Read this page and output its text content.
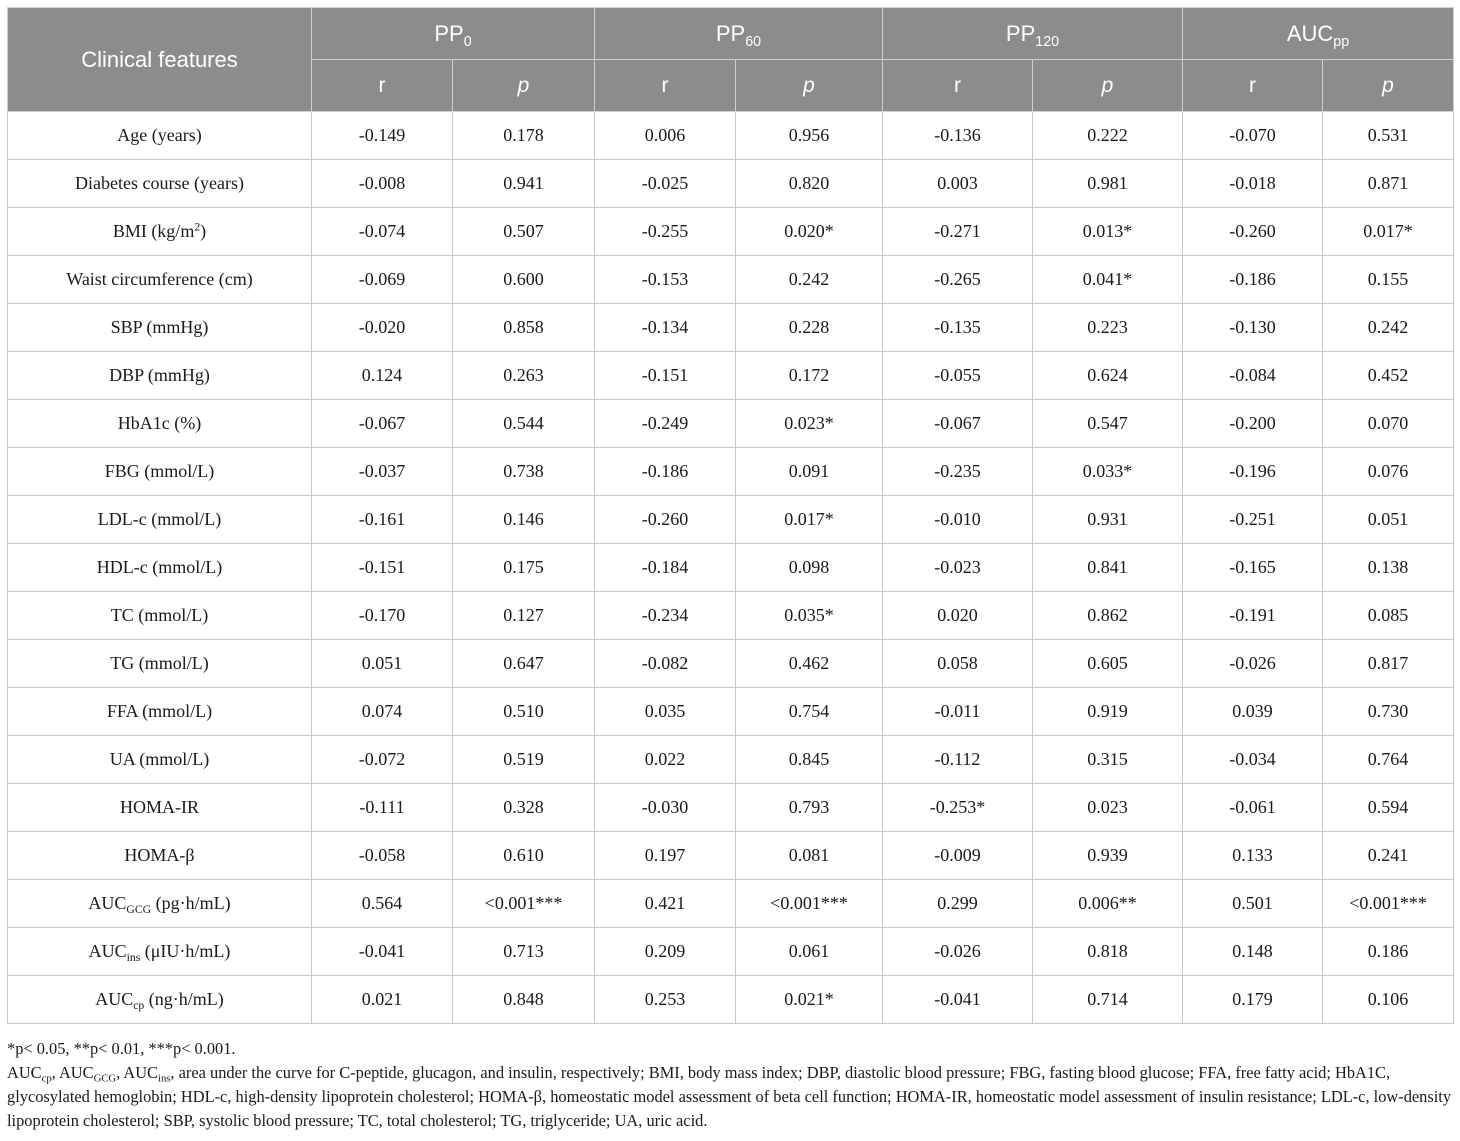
Clinical features	$PP_0$		$PP_{60}$		$PP_{120}$		$AUC_{pp}$
	r	p	r	p	r	p	r	p
Age (years)	-0.149	0.178	0.006	0.956	-0.136	0.222	-0.070	0.531
Diabetes course (years)	-0.008	0.941	-0.025	0.820	0.003	0.981	-0.018	0.871
BMI $(kg/m^2)$	-0.074	0.507	-0.255	0.020*	-0.271	0.013*	-0.260	0.017*
Waist circumference (cm)	-0.069	0.600	-0.153	0.242	-0.265	0.041*	-0.186	0.155
SBP (mmHg)	-0.020	0.858	-0.134	0.228	-0.135	0.223	-0.130	0.242
DBP (mmHg)	0.124	0.263	-0.151	0.172	-0.055	0.624	-0.084	0.452
HbA1c (%)	-0.067	0.544	-0.249	0.023*	-0.067	0.547	-0.200	0.070
FBG (mmol/L)	-0.037	0.738	-0.186	0.091	-0.235	0.033*	-0.196	0.076
LDL-c (mmol/L)	-0.161	0.146	-0.260	0.017*	-0.010	0.931	-0.251	0.051
HDL-c (mmol/L)	-0.151	0.175	-0.184	0.098	-0.023	0.841	-0.165	0.138
TC (mmol/L)	-0.170	0.127	-0.234	0.035*	0.020	0.862	-0.191	0.085
TG (mmol/L)	0.051	0.647	-0.082	0.462	0.058	0.605	-0.026	0.817
FFA (mmol/L)	0.074	0.510	0.035	0.754	-0.011	0.919	0.039	0.730
UA (mmol/L)	-0.072	0.519	0.022	0.845	-0.112	0.315	-0.034	0.764
HOMA-IR	-0.111	0.328	-0.030	0.793	-0.253*	0.023	-0.061	0.594
HOMA-β	-0.058	0.610	0.197	0.081	-0.009	0.939	0.133	0.241
$AUC_{GCG}$ (pg·h/mL)	0.564	<0.001***	0.421	<0.001***	0.299	0.006**	0.501	<0.001***
$AUC_{ins}$ (μIU·h/mL)	-0.041	0.713	0.209	0.061	-0.026	0.818	0.148	0.186
$AUC_{cp}$ (ng·h/mL)	0.021	0.848	0.253	0.021*	-0.041	0.714	0.179	0.106

*p< 0.05, **p< 0.01, ***p< 0.001.

$AUC_{cp}$, $AUC_{GCG}$, $AUC_{ins}$, area under the curve for C-peptide, glucagon, and insulin, respectively; BMI, body mass index; DBP, diastolic blood pressure; FBG, fasting blood glucose; FFA, free fatty acid; HbA1C, glycosylated hemoglobin; HDL-c, high-density lipoprotein cholesterol; HOMA-β, homeostatic model assessment of beta cell function; HOMA-IR, homeostatic model assessment of insulin resistance; LDL-c, low-density lipoprotein cholesterol; SBP, systolic blood pressure; TC, total cholesterol; TG, triglyceride; UA, uric acid.
